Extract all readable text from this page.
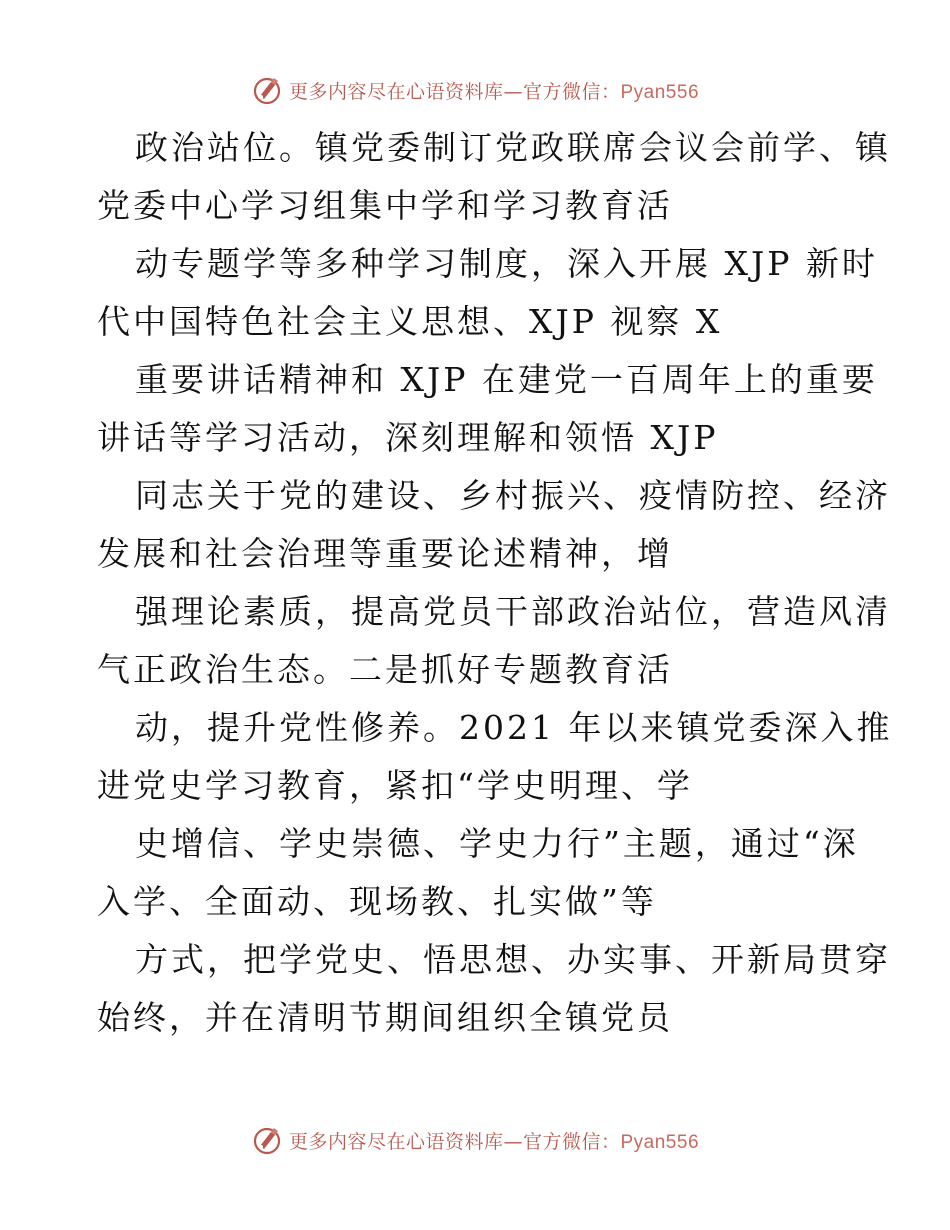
更多内容尽在心语资料库—官方微信：Pyan556
政治站位。镇党委制订党政联席会议会前学、镇
党委中心学习组集中学和学习教育活
动专题学等多种学习制度，深入开展 XJP 新时
代中国特色社会主义思想、XJP 视察 X
重要讲话精神和 XJP 在建党一百周年上的重要
讲话等学习活动，深刻理解和领悟 XJP
同志关于党的建设、乡村振兴、疫情防控、经济
发展和社会治理等重要论述精神，增
强理论素质，提高党员干部政治站位，营造风清
气正政治生态。二是抓好专题教育活
动，提升党性修养。2021 年以来镇党委深入推
进党史学习教育，紧扣“学史明理、学
史增信、学史崇德、学史力行”主题，通过“深
入学、全面动、现场教、扎实做”等
方式，把学党史、悟思想、办实事、开新局贯穿
始终，并在清明节期间组织全镇党员
更多内容尽在心语资料库—官方微信：Pyan556
